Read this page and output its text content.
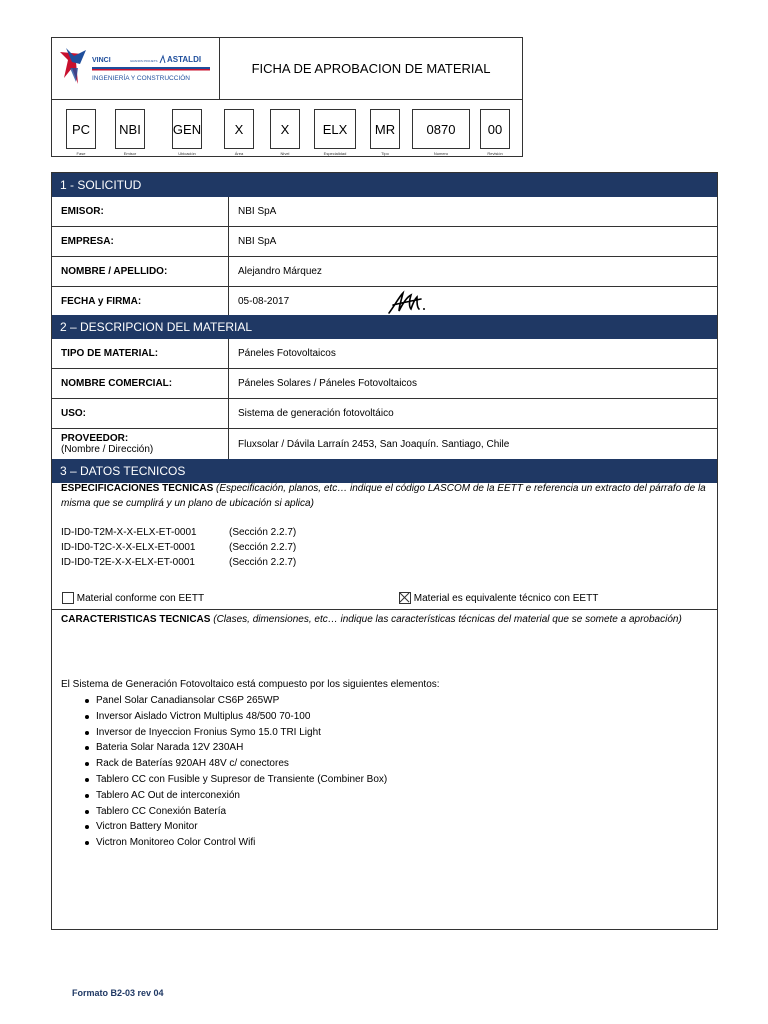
VINCI	GRANDS PROJETS ASTALDI
INGENIERÍA Y CONSTRUCCIÓN
FICHA DE APROBACION DE MATERIAL
PC
Fase
NBI
Emisor
GEN
Ubicación
X
Área
X
Nivel
ELX
Especialidad
MR
Tipo
0870
Numero
00
Revisión
1 - SOLICITUD
EMISOR:	NBI SpA
EMPRESA:	NBI SpA
NOMBRE / APELLIDO:	Alejandro Márquez
FECHA y FIRMA:	05-08-2017
2 – DESCRIPCION DEL MATERIAL
TIPO DE MATERIAL:	Páneles Fotovoltaicos
NOMBRE COMERCIAL:	Páneles Solares / Páneles Fotovoltaicos
USO:	Sistema de generación fotovoltáico
PROVEEDOR:
(Nombre / Dirección)	Fluxsolar / Dávila Larraín 2453, San Joaquín. Santiago, Chile
3 – DATOS TECNICOS
ESPECIFICACIONES TECNICAS (Especificación, planos, etc… indique el código LASCOM de la EETT e referencia un extracto del párrafo de la misma que se cumplirá y un plano de ubicación si aplica)
ID-ID0-T2M-X-X-ELX-ET-0001	(Sección 2.2.7)
ID-ID0-T2C-X-X-ELX-ET-0001	(Sección 2.2.7)
ID-ID0-T2E-X-X-ELX-ET-0001	(Sección 2.2.7)
Material conforme con EETT	Material es equivalente técnico con EETT
CARACTERISTICAS TECNICAS (Clases, dimensiones, etc… indique las características técnicas del material que se somete a aprobación)
El Sistema de Generación Fotovoltaico está compuesto por los siguientes elementos:
Panel Solar Canadiansolar CS6P 265WP
Inversor Aislado Victron Multiplus 48/500 70-100
Inversor de Inyeccion Fronius Symo 15.0 TRI Light
Bateria Solar Narada 12V 230AH
Rack de Baterías 920AH 48V c/ conectores
Tablero CC con Fusible y Supresor de Transiente (Combiner Box)
Tablero AC Out de interconexión
Tablero CC Conexión Batería
Victron Battery Monitor
Victron Monitoreo Color Control Wifi
Formato B2-03 rev 04
